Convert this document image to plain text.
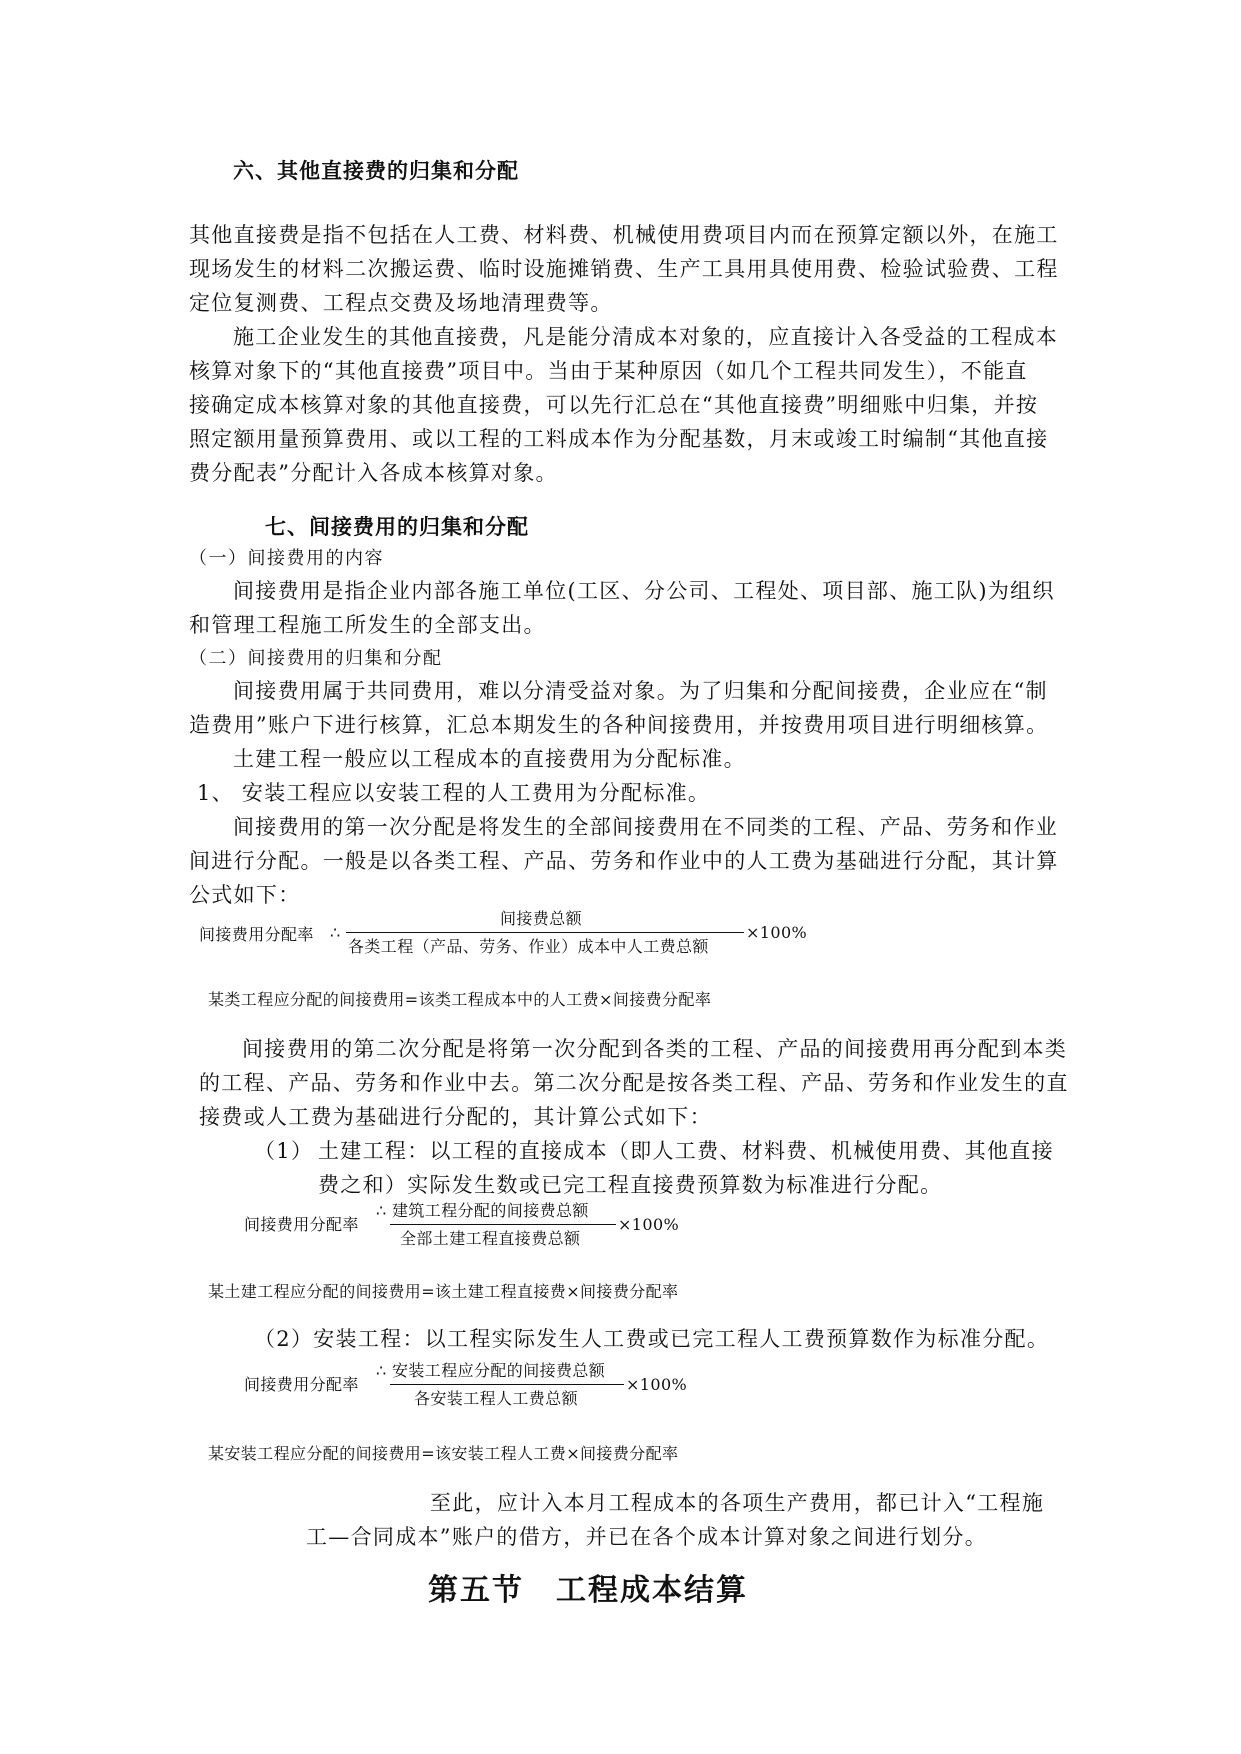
六、其他直接费的归集和分配
其他直接费是指不包括在人工费、材料费、机械使用费项目内而在预算定额以外，在施工
现场发生的材料二次搬运费、临时设施摊销费、生产工具用具使用费、检验试验费、工程
定位复测费、工程点交费及场地清理费等。
施工企业发生的其他直接费，凡是能分清成本对象的，应直接计入各受益的工程成本
核算对象下的“其他直接费”项目中。当由于某种原因（如几个工程共同发生），不能直
接确定成本核算对象的其他直接费，可以先行汇总在“其他直接费”明细账中归集，并按
照定额用量预算费用、或以工程的工料成本作为分配基数，月末或竣工时编制“其他直接
费分配表”分配计入各成本核算对象。
七、间接费用的归集和分配
（一）间接费用的内容
间接费用是指企业内部各施工单位(工区、分公司、工程处、项目部、施工队)为组织
和管理工程施工所发生的全部支出。
（二）间接费用的归集和分配
间接费用属于共同费用，难以分清受益对象。为了归集和分配间接费，企业应在“制
造费用”账户下进行核算，汇总本期发生的各种间接费用，并按费用项目进行明细核算。
土建工程一般应以工程成本的直接费用为分配标准。
1、 安装工程应以安装工程的人工费用为分配标准。
间接费用的第一次分配是将发生的全部间接费用在不同类的工程、产品、劳务和作业
间进行分配。一般是以各类工程、产品、劳务和作业中的人工费为基础进行分配，其计算
公式如下：
间接费用分配率 ∴
间接费总额
各类工程（产品、劳务、作业）成本中人工费总额
×100%
某类工程应分配的间接费用=该类工程成本中的人工费×间接费分配率
间接费用的第二次分配是将第一次分配到各类的工程、产品的间接费用再分配到本类
的工程、产品、劳务和作业中去。第二次分配是按各类工程、产品、劳务和作业发生的直
接费或人工费为基础进行分配的，其计算公式如下：
（1） 土建工程：以工程的直接成本（即人工费、材料费、机械使用费、其他直接
费之和）实际发生数或已完工程直接费预算数为标准进行分配。
间接费用分配率
∴ 建筑工程分配的间接费总额
全部土建工程直接费总额
×100%
某土建工程应分配的间接费用=该土建工程直接费×间接费分配率
（2）安装工程：以工程实际发生人工费或已完工程人工费预算数作为标准分配。
间接费用分配率
∴ 安装工程应分配的间接费总额
各安装工程人工费总额
×100%
某安装工程应分配的间接费用=该安装工程人工费×间接费分配率
至此，应计入本月工程成本的各项生产费用，都已计入“工程施
工—合同成本”账户的借方，并已在各个成本计算对象之间进行划分。
第五节　工程成本结算
